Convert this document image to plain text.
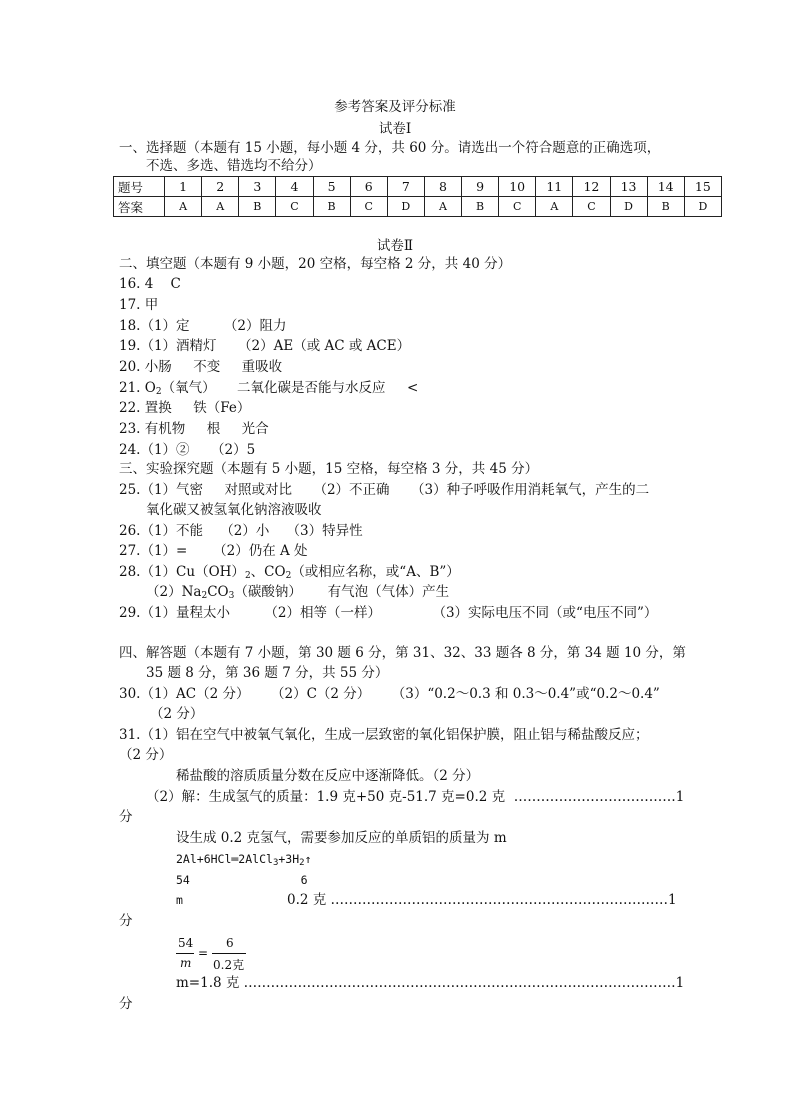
参考答案及评分标准
试卷Ⅰ
一、选择题（本题有 15 小题，每小题 4 分，共 60 分。请选出一个符合题意的正确选项，
不选、多选、错选均不给分）
题号	1	2	3	4	5	6	7	8	9	10	11	12	13	14	15
答案	A	A	B	C	B	C	D	A	B	C	A	C	D	B	D
试卷Ⅱ
二、填空题（本题有 9 小题，20 空格，每空格 2 分，共 40 分）
16. 4    C
17. 甲
18.（1）定        （2）阻力
19.（1）酒精灯     （2）AE（或 AC 或 ACE）
20. 小肠     不变     重吸收
21. $O_2$（氧气）     二氧化碳是否能与水反应     <
22. 置换     铁（Fe）
23. 有机物     根     光合
24.（1）②     （2）5
三、实验探究题（本题有 5 小题，15 空格，每空格 3 分，共 45 分）
25.（1）气密     对照或对比     （2）不正确     （3）种子呼吸作用消耗氧气，产生的二
氧化碳又被氢氧化钠溶液吸收
26.（1）不能    （2）小    （3）特异性
27.（1）=      （2）仍在 A 处
$28.(1)Cu(OH)_2$、$CO_2$（或相应名称，或“A、B”）
$(2)Na_2CO_3$（碳酸钠）      有气泡（气体）产生
29.（1）量程太小        （2）相等（一样）            （3）实际电压不同（或“电压不同”）
四、解答题（本题有 7 小题，第 30 题 6 分，第 31、32、33 题各 8 分，第 34 题 10 分，第
35 题 8 分，第 36 题 7 分，共 55 分）
30.（1）AC（2 分）     （2）C（2 分）     （3）“0.2～0.3 和 0.3～0.4”或“0.2～0.4”
（2 分）
31.（1）铝在空气中被氧气氧化，生成一层致密的氧化铝保护膜，阻止铝与稀盐酸反应；
（2 分）
稀盐酸的溶质质量分数在反应中逐渐降低。（2 分）
（2）解：生成氢气的质量：1.9 克+50 克-51.7 克=0.2 克  ………………………………1
分
设生成 0.2 克氢气，需要参加反应的单质铝的质量为 m
$2Al+6HCl═2AlCl_3+3H_2↑$
54                6
m	0.2 克 …………………………………………………………………1
分
54
m
=
6
0.2克
m=1.8 克 ……………………………………………………………………………………1
分
